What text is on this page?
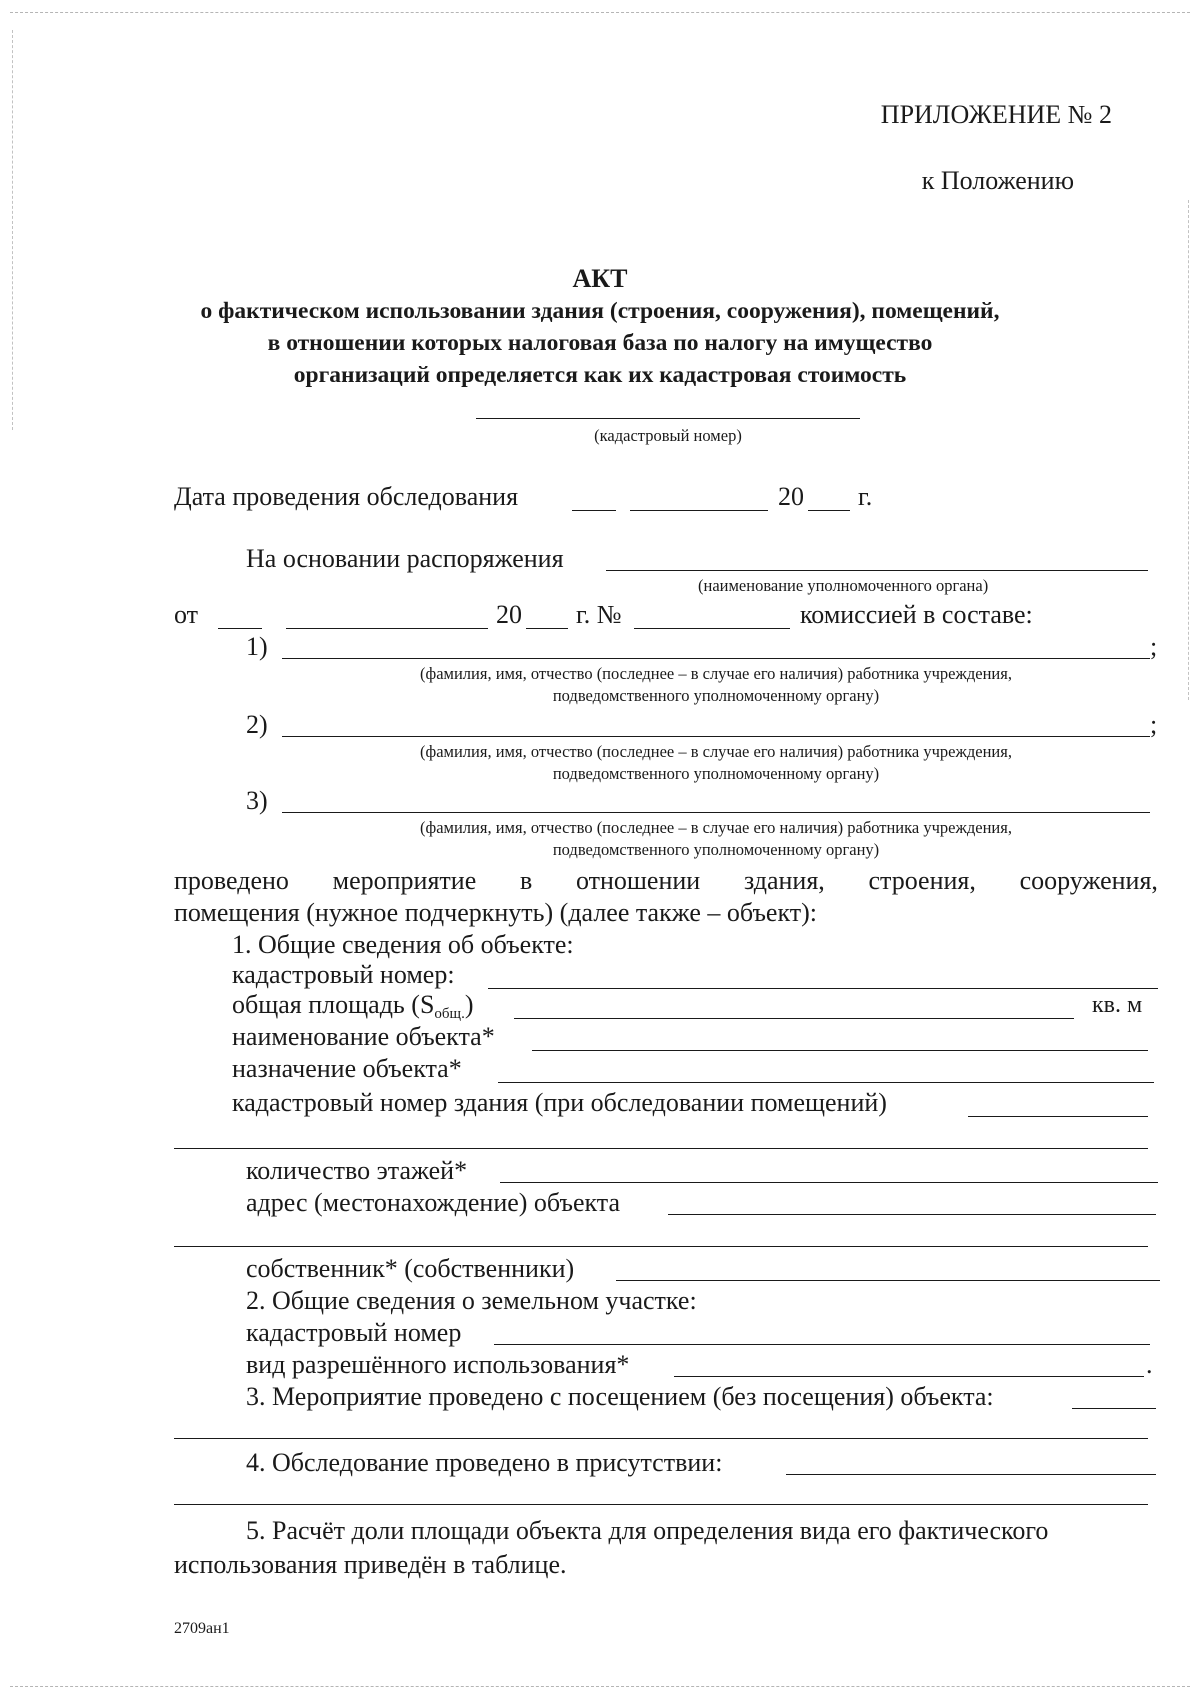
ПРИЛОЖЕНИЕ № 2
к Положению
АКТ
о фактическом использовании здания (строения, сооружения), помещений,
в отношении которых налоговая база по налогу на имущество
организаций определяется как их кадастровая стоимость
(кадастровый номер)
Дата проведения обследования	20 г.
На основании распоряжения
(наименование уполномоченного органа)
от	20 г. №	комиссией в составе:
1)	;
(фамилия, имя, отчество (последнее – в случае его наличия) работника учреждения,
подведомственного уполномоченному органу)
2)	;
(фамилия, имя, отчество (последнее – в случае его наличия) работника учреждения,
подведомственного уполномоченному органу)
3)
(фамилия, имя, отчество (последнее – в случае его наличия) работника учреждения,
подведомственного уполномоченному органу)
проведено мероприятие в отношении здания, строения, сооружения,
помещения (нужное подчеркнуть) (далее также – объект):
1. Общие сведения об объекте:
кадастровый номер:
общая площадь $(S_{общ.})$	кв. м
наименование объекта*
назначение объекта*
кадастровый номер здания (при обследовании помещений)
количество этажей*
адрес (местонахождение) объекта
собственник* (собственники)
2. Общие сведения о земельном участке:
кадастровый номер
вид разрешённого использования*	.
3. Мероприятие проведено с посещением (без посещения) объекта:
4. Обследование проведено в присутствии:
5. Расчёт доли площади объекта для определения вида его фактического
использования приведён в таблице.
2709ан1
